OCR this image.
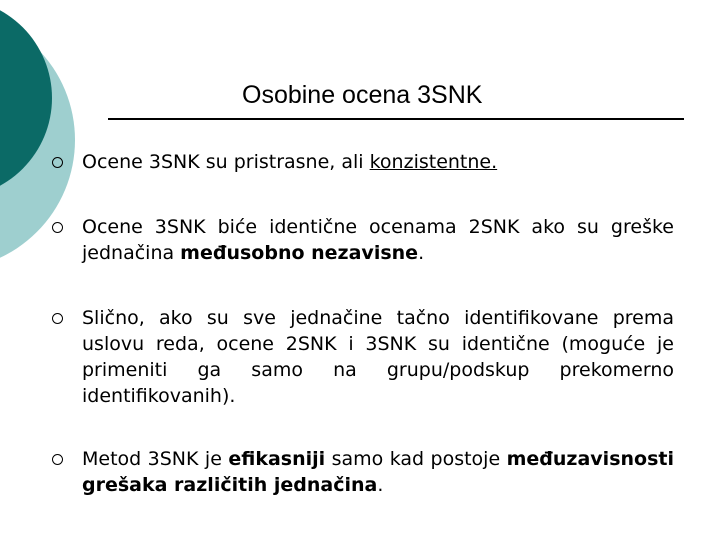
Osobine ocena 3SNK
Ocene 3SNK su pristrasne, ali konzistentne.
Ocene 3SNK biće identične ocenama 2SNK ako su greške jednačina međusobno nezavisne.
Slično, ako su sve jednačine tačno identifikovane prema uslovu reda, ocene 2SNK i 3SNK su identične (moguće je primeniti ga samo na grupu/podskup prekomerno identifikovanih).
Metod 3SNK je efikasniji samo kad postoje međuzavisnosti grešaka različitih jednačina.
